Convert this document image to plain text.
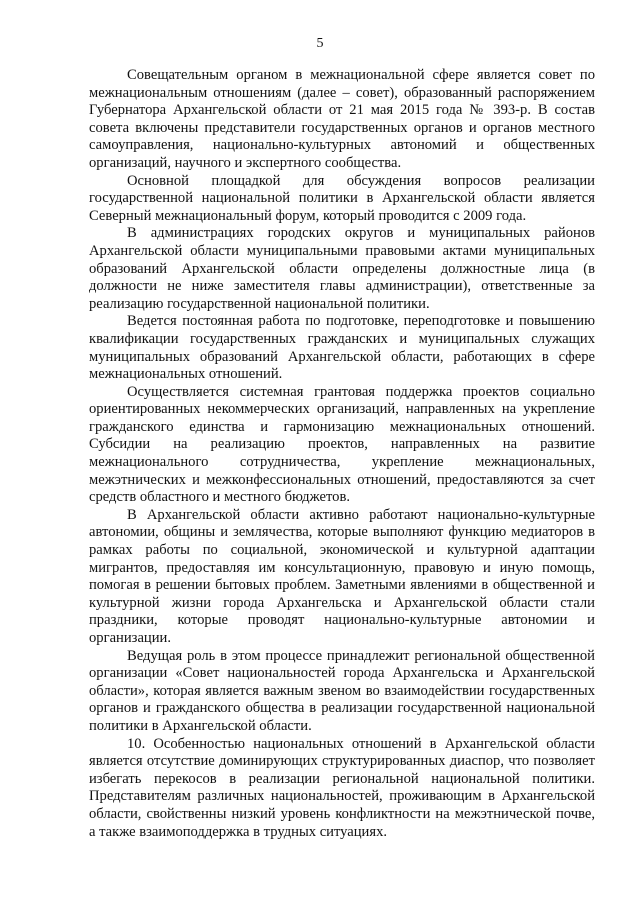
5

Совещательным органом в межнациональной сфере является совет по межнациональным отношениям (далее – совет), образованный распоряжением Губернатора Архангельской области от 21 мая 2015 года № 393-р. В состав совета включены представители государственных органов и органов местного самоуправления, национально-культурных автономий и общественных организаций, научного и экспертного сообщества.

Основной площадкой для обсуждения вопросов реализации государственной национальной политики в Архангельской области является Северный межнациональный форум, который проводится с 2009 года.

В администрациях городских округов и муниципальных районов Архангельской области муниципальными правовыми актами муниципальных образований Архангельской области определены должностные лица (в должности не ниже заместителя главы администрации), ответственные за реализацию государственной национальной политики.

Ведется постоянная работа по подготовке, переподготовке и повышению квалификации государственных гражданских и муниципальных служащих муниципальных образований Архангельской области, работающих в сфере межнациональных отношений.

Осуществляется системная грантовая поддержка проектов социально ориентированных некоммерческих организаций, направленных на укрепление гражданского единства и гармонизацию межнациональных отношений. Субсидии на реализацию проектов, направленных на развитие межнационального сотрудничества, укрепление межнациональных, межэтнических и межконфессиональных отношений, предоставляются за счет средств областного и местного бюджетов.

В Архангельской области активно работают национально-культурные автономии, общины и землячества, которые выполняют функцию медиаторов в рамках работы по социальной, экономической и культурной адаптации мигрантов, предоставляя им консультационную, правовую и иную помощь, помогая в решении бытовых проблем. Заметными явлениями в общественной и культурной жизни города Архангельска и Архангельской области стали праздники, которые проводят национально-культурные автономии и организации.

Ведущая роль в этом процессе принадлежит региональной общественной организации «Совет национальностей города Архангельска и Архангельской области», которая является важным звеном во взаимодействии государственных органов и гражданского общества в реализации государственной национальной политики в Архангельской области.

10. Особенностью национальных отношений в Архангельской области является отсутствие доминирующих структурированных диаспор, что позволяет избегать перекосов в реализации региональной национальной политики. Представителям различных национальностей, проживающим в Архангельской области, свойственны низкий уровень конфликтности на межэтнической почве, а также взаимоподдержка в трудных ситуациях.
